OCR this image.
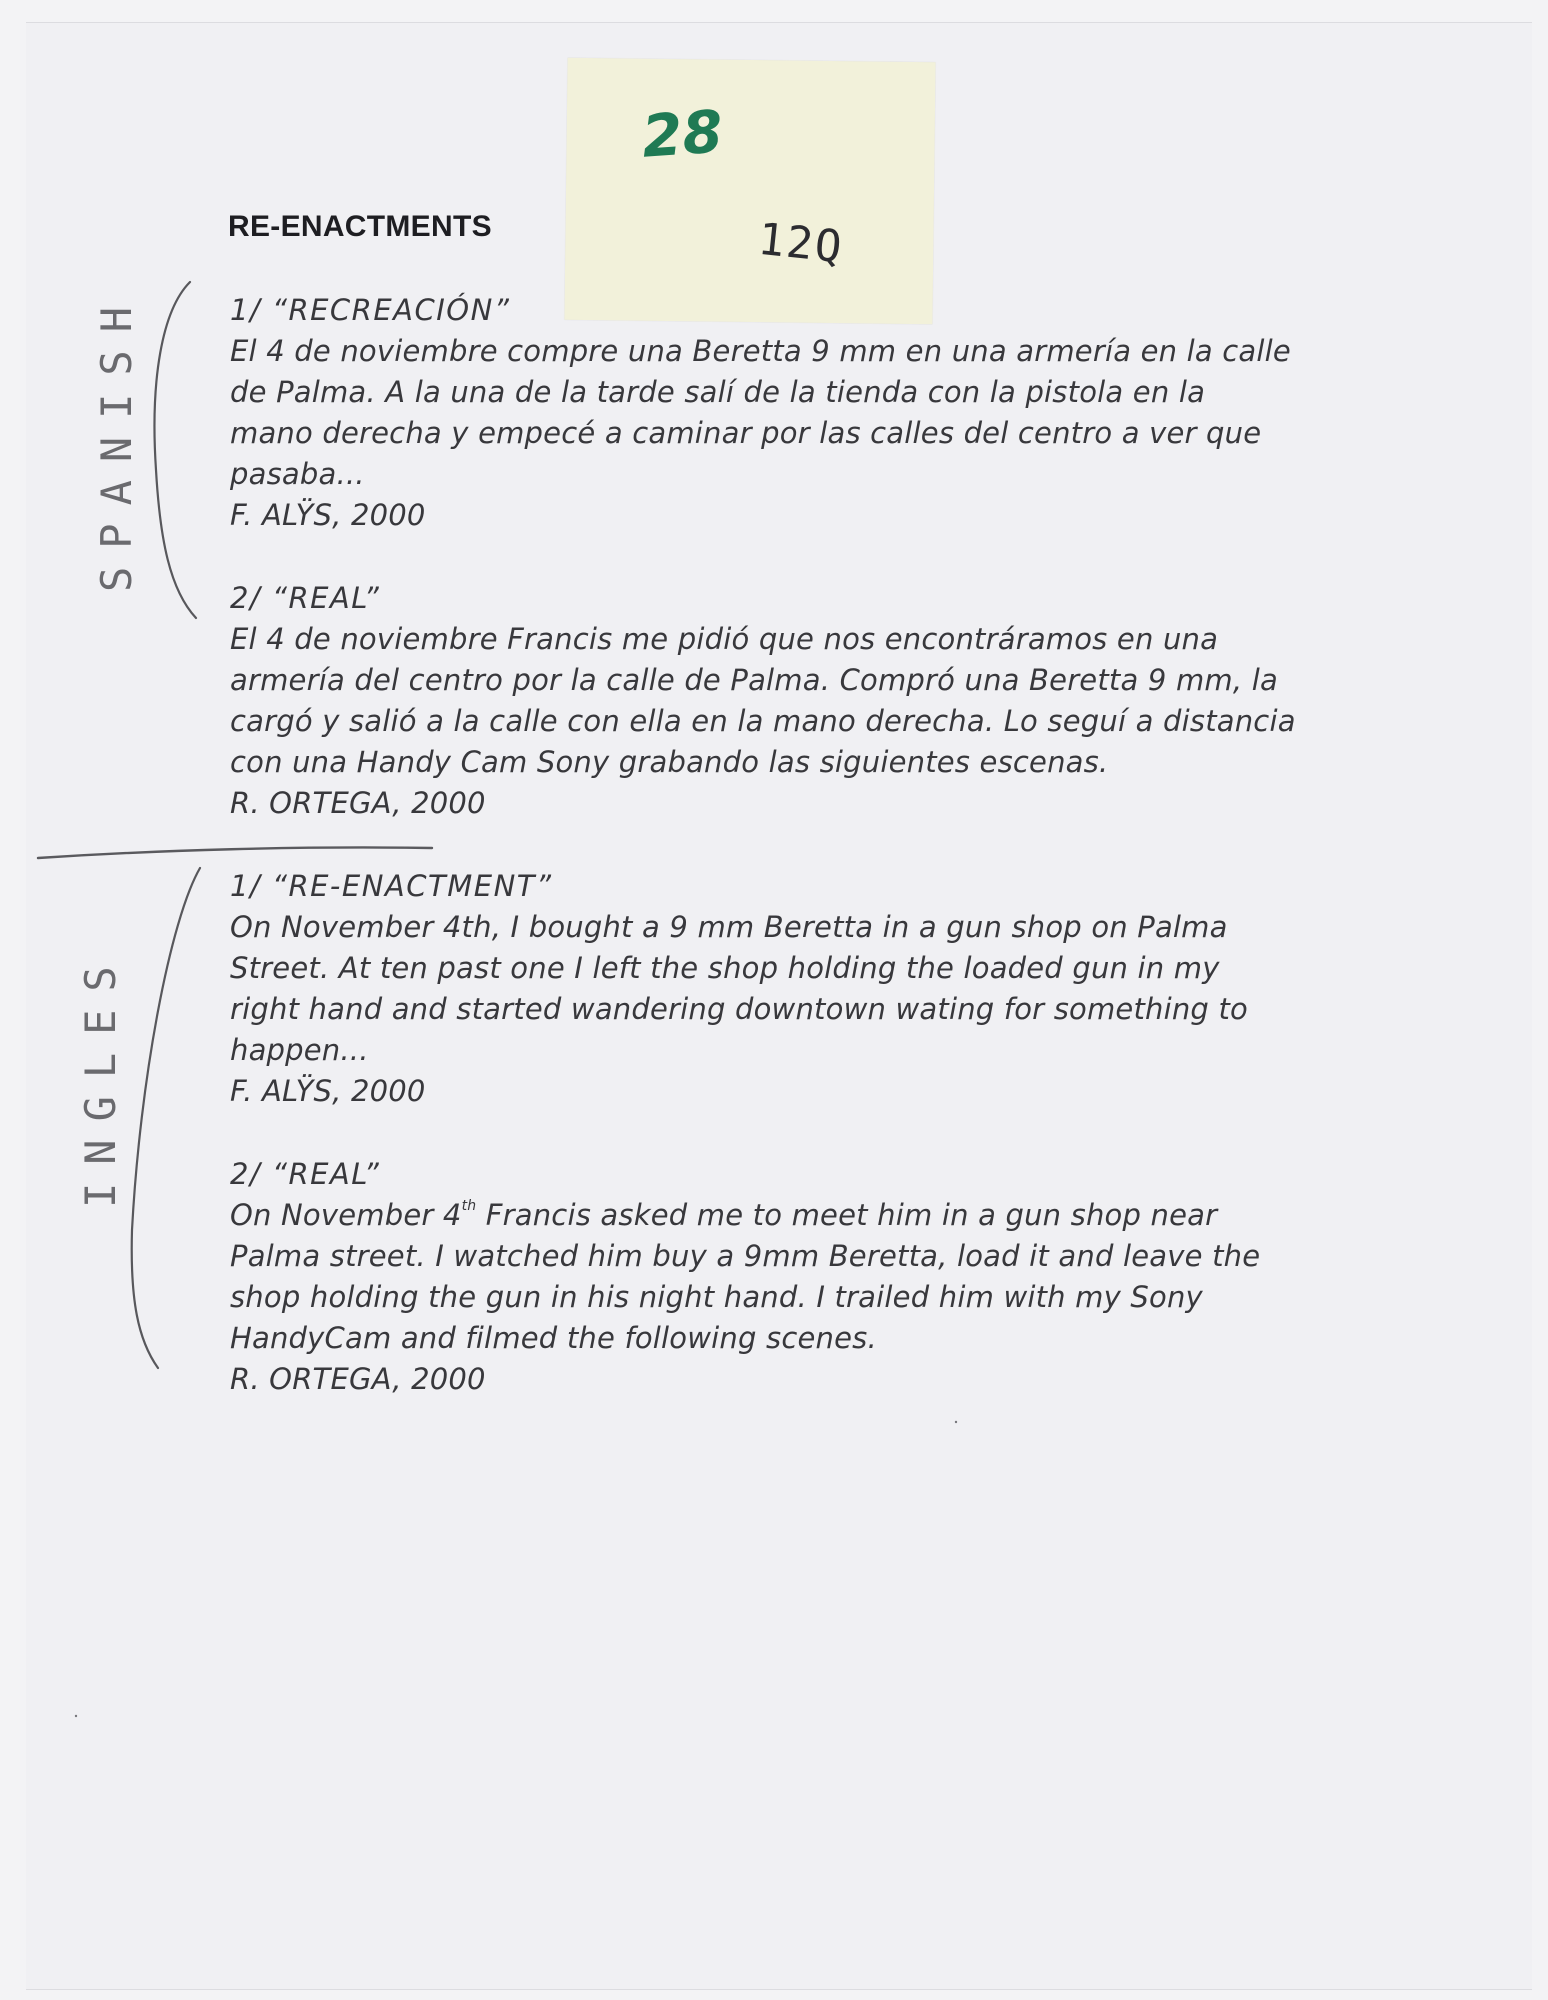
RE-ENACTMENTS
1/ “RECREACIÓN”
El 4 de noviembre compre una Beretta 9 mm en una armería en la calle
de Palma. A la una de la tarde salí de la tienda con la pistola en la
mano derecha y empecé a caminar por las calles del centro a ver que
pasaba...
F. ALŸS, 2000
2/ “REAL”
El 4 de noviembre Francis me pidió que nos encontráramos en una
armería del centro por la calle de Palma. Compró una Beretta 9 mm, la
cargó y salió a la calle con ella en la mano derecha. Lo seguí a distancia
con una Handy Cam Sony grabando las siguientes escenas.
R. ORTEGA, 2000
1/ “RE-ENACTMENT”
On November 4th, I bought a 9 mm Beretta in a gun shop on Palma
Street. At ten past one I left the shop holding the loaded gun in my
right hand and started wandering downtown wating for something to
happen...
F. ALŸS, 2000
2/ “REAL”
On November 4th Francis asked me to meet him in a gun shop near
Palma street. I watched him buy a 9mm Beretta, load it and leave the
shop holding the gun in his night hand. I trailed him with my Sony
HandyCam and filmed the following scenes.
R. ORTEGA, 2000
28
12Q
SPANISH
INGLES
